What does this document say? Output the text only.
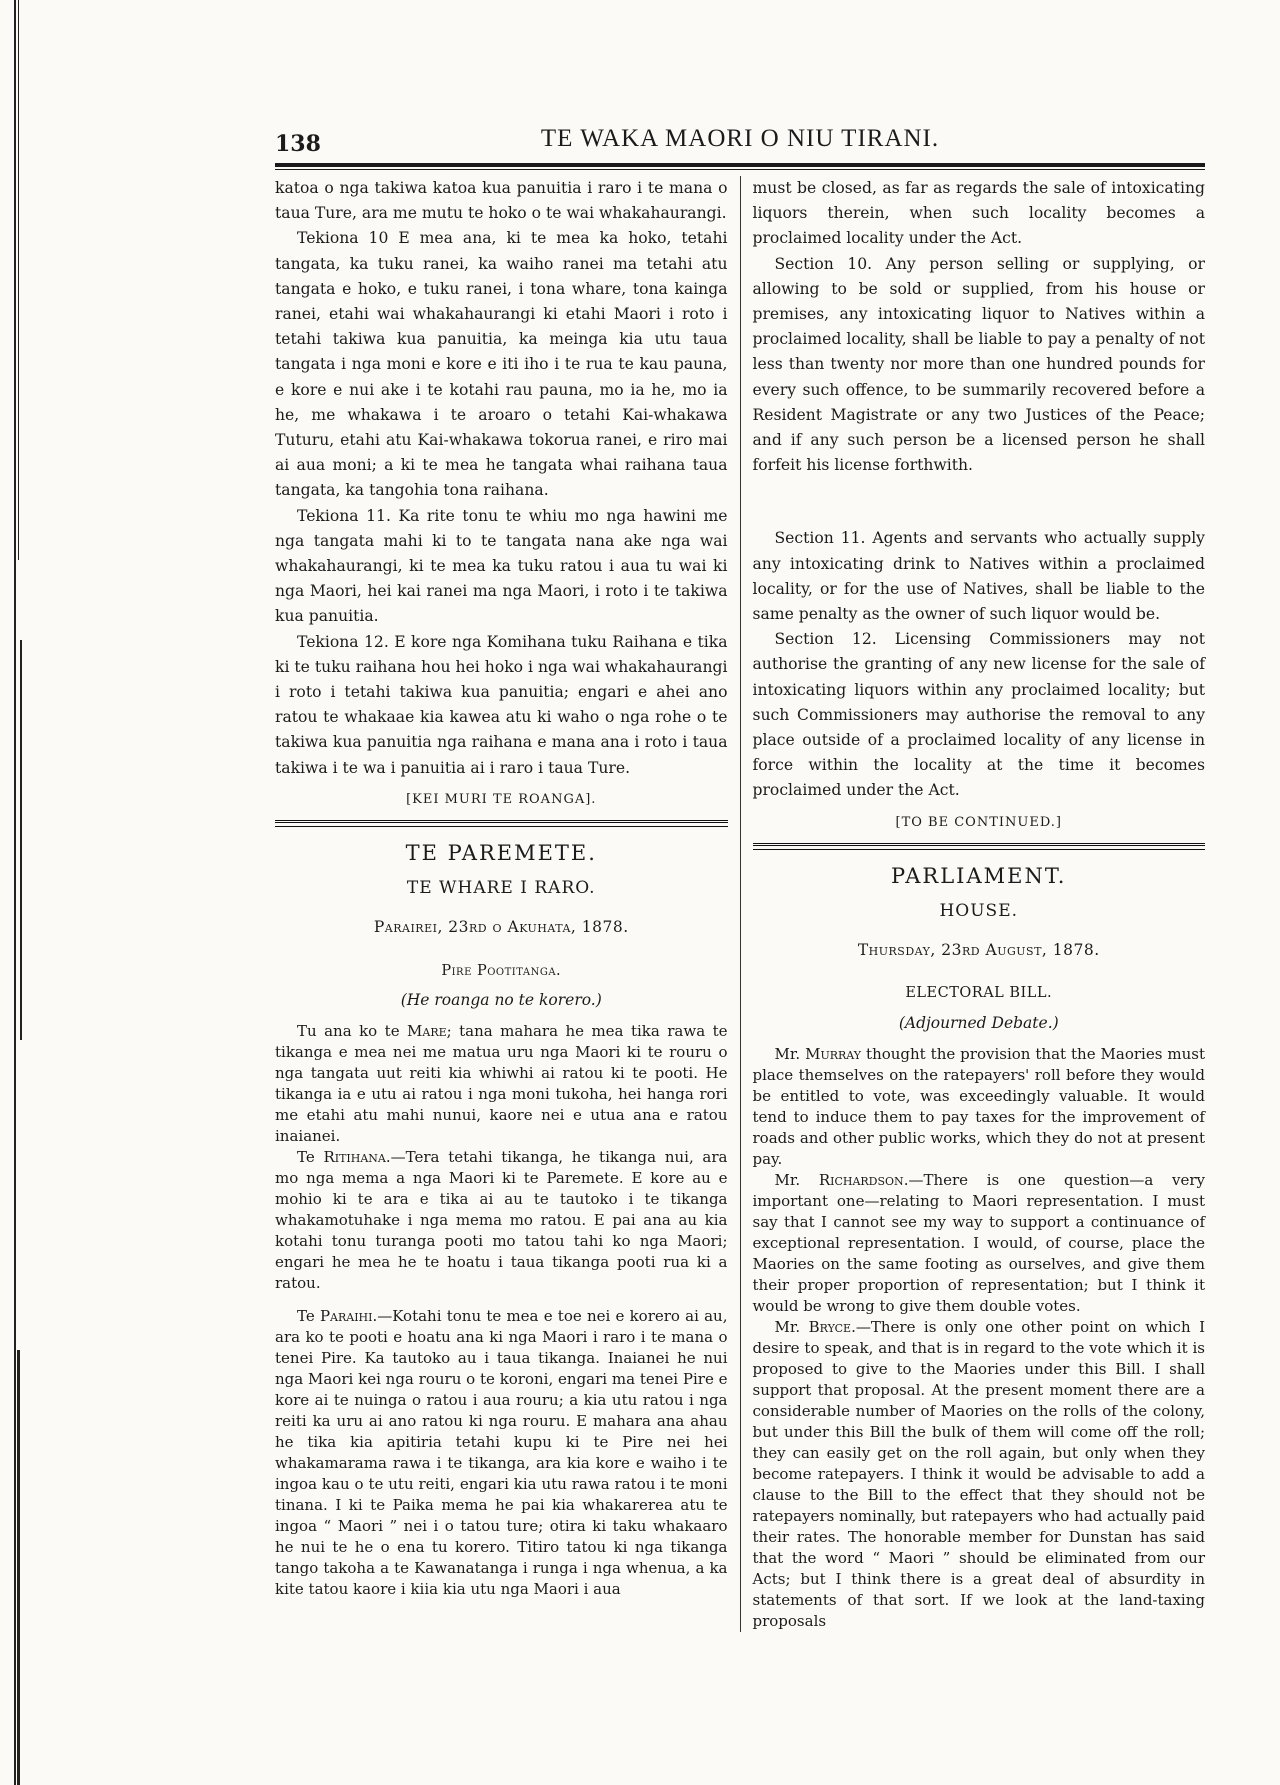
138	TE WAKA MAORI O NIU TIRANI.

katoa o nga takiwa katoa kua panuitia i raro i te mana o taua Ture, ara me mutu te hoko o te wai whakahaurangi.

Tekiona 10 E mea ana, ki te mea ka hoko, tetahi tangata, ka tuku ranei, ka waiho ranei ma tetahi atu tangata e hoko, e tuku ranei, i tona whare, tona kainga ranei, etahi wai whakahaurangi ki etahi Maori i roto i tetahi takiwa kua panuitia, ka meinga kia utu taua tangata i nga moni e kore e iti iho i te rua te kau pauna, e kore e nui ake i te kotahi rau pauna, mo ia he, mo ia he, me whakawa i te aroaro o tetahi Kai-whakawa Tuturu, etahi atu Kai-whakawa tokorua ranei, e riro mai ai aua moni; a ki te mea he tangata whai raihana taua tangata, ka tangohia tona raihana.

Tekiona 11. Ka rite tonu te whiu mo nga hawini me nga tangata mahi ki to te tangata nana ake nga wai whakahaurangi, ki te mea ka tuku ratou i aua tu wai ki nga Maori, hei kai ranei ma nga Maori, i roto i te takiwa kua panuitia.

Tekiona 12. E kore nga Komihana tuku Raihana e tika ki te tuku raihana hou hei hoko i nga wai whakahaurangi i roto i tetahi takiwa kua panuitia; engari e ahei ano ratou te whakaae kia kawea atu ki waho o nga rohe o te takiwa kua panuitia nga raihana e mana ana i roto i taua takiwa i te wa i panuitia ai i raro i taua Ture.

[KEI MURI TE ROANGA].
TE PAREMETE.
TE WHARE I RARO.
Parairei, 23rd o Akuhata, 1878.
Pire Pootitanga.
(He roanga no te korero.)

Tu ana ko te Mare; tana mahara he mea tika rawa te tikanga e mea nei me matua uru nga Maori ki te rouru o nga tangata uut reiti kia whiwhi ai ratou ki te pooti. He tikanga ia e utu ai ratou i nga moni tukoha, hei hanga rori me etahi atu mahi nunui, kaore nei e utua ana e ratou inaianei.

Te Ritihana.—Tera tetahi tikanga, he tikanga nui, ara mo nga mema a nga Maori ki te Paremete. E kore au e mohio ki te ara e tika ai au te tautoko i te tikanga whakamotuhake i nga mema mo ratou. E pai ana au kia kotahi tonu turanga pooti mo tatou tahi ko nga Maori; engari he mea he te hoatu i taua tikanga pooti rua ki a ratou.

Te Paraihi.—Kotahi tonu te mea e toe nei e korero ai au, ara ko te pooti e hoatu ana ki nga Maori i raro i te mana o tenei Pire. Ka tautoko au i taua tikanga. Inaianei he nui nga Maori kei nga rouru o te koroni, engari ma tenei Pire e kore ai te nuinga o ratou i aua rouru; a kia utu ratou i nga reiti ka uru ai ano ratou ki nga rouru. E mahara ana ahau he tika kia apitiria tetahi kupu ki te Pire nei hei whakamarama rawa i te tikanga, ara kia kore e waiho i te ingoa kau o te utu reiti, engari kia utu rawa ratou i te moni tinana. I ki te Paika mema he pai kia whakarerea atu te ingoa “ Maori ” nei i o tatou ture; otira ki taku whakaaro he nui te he o ena tu korero. Titiro tatou ki nga tikanga tango takoha a te Kawanatanga i runga i nga whenua, a ka kite tatou kaore i kiia kia utu nga Maori i aua

must be closed, as far as regards the sale of intoxicating liquors therein, when such locality becomes a proclaimed locality under the Act.

Section 10. Any person selling or supplying, or allowing to be sold or supplied, from his house or premises, any intoxicating liquor to Natives within a proclaimed locality, shall be liable to pay a penalty of not less than twenty nor more than one hundred pounds for every such offence, to be summarily recovered before a Resident Magistrate or any two Justices of the Peace; and if any such person be a licensed person he shall forfeit his license forthwith.

Section 11. Agents and servants who actually supply any intoxicating drink to Natives within a proclaimed locality, or for the use of Natives, shall be liable to the same penalty as the owner of such liquor would be.

Section 12. Licensing Commissioners may not authorise the granting of any new license for the sale of intoxicating liquors within any proclaimed locality; but such Commissioners may authorise the removal to any place outside of a proclaimed locality of any license in force within the locality at the time it becomes proclaimed under the Act.

[TO BE CONTINUED.]
PARLIAMENT.
HOUSE.
Thursday, 23rd August, 1878.
ELECTORAL BILL.
(Adjourned Debate.)

Mr. Murray thought the provision that the Maories must place themselves on the ratepayers' roll before they would be entitled to vote, was exceedingly valuable. It would tend to induce them to pay taxes for the improvement of roads and other public works, which they do not at present pay.

Mr. Richardson.—There is one question—a very important one—relating to Maori representation. I must say that I cannot see my way to support a continuance of exceptional representation. I would, of course, place the Maories on the same footing as ourselves, and give them their proper proportion of representation; but I think it would be wrong to give them double votes.

Mr. Bryce.—There is only one other point on which I desire to speak, and that is in regard to the vote which it is proposed to give to the Maories under this Bill. I shall support that proposal. At the present moment there are a considerable number of Maories on the rolls of the colony, but under this Bill the bulk of them will come off the roll; they can easily get on the roll again, but only when they become ratepayers. I think it would be advisable to add a clause to the Bill to the effect that they should not be ratepayers nominally, but ratepayers who had actually paid their rates. The honorable member for Dunstan has said that the word “ Maori ” should be eliminated from our Acts; but I think there is a great deal of absurdity in statements of that sort. If we look at the land-taxing proposals
